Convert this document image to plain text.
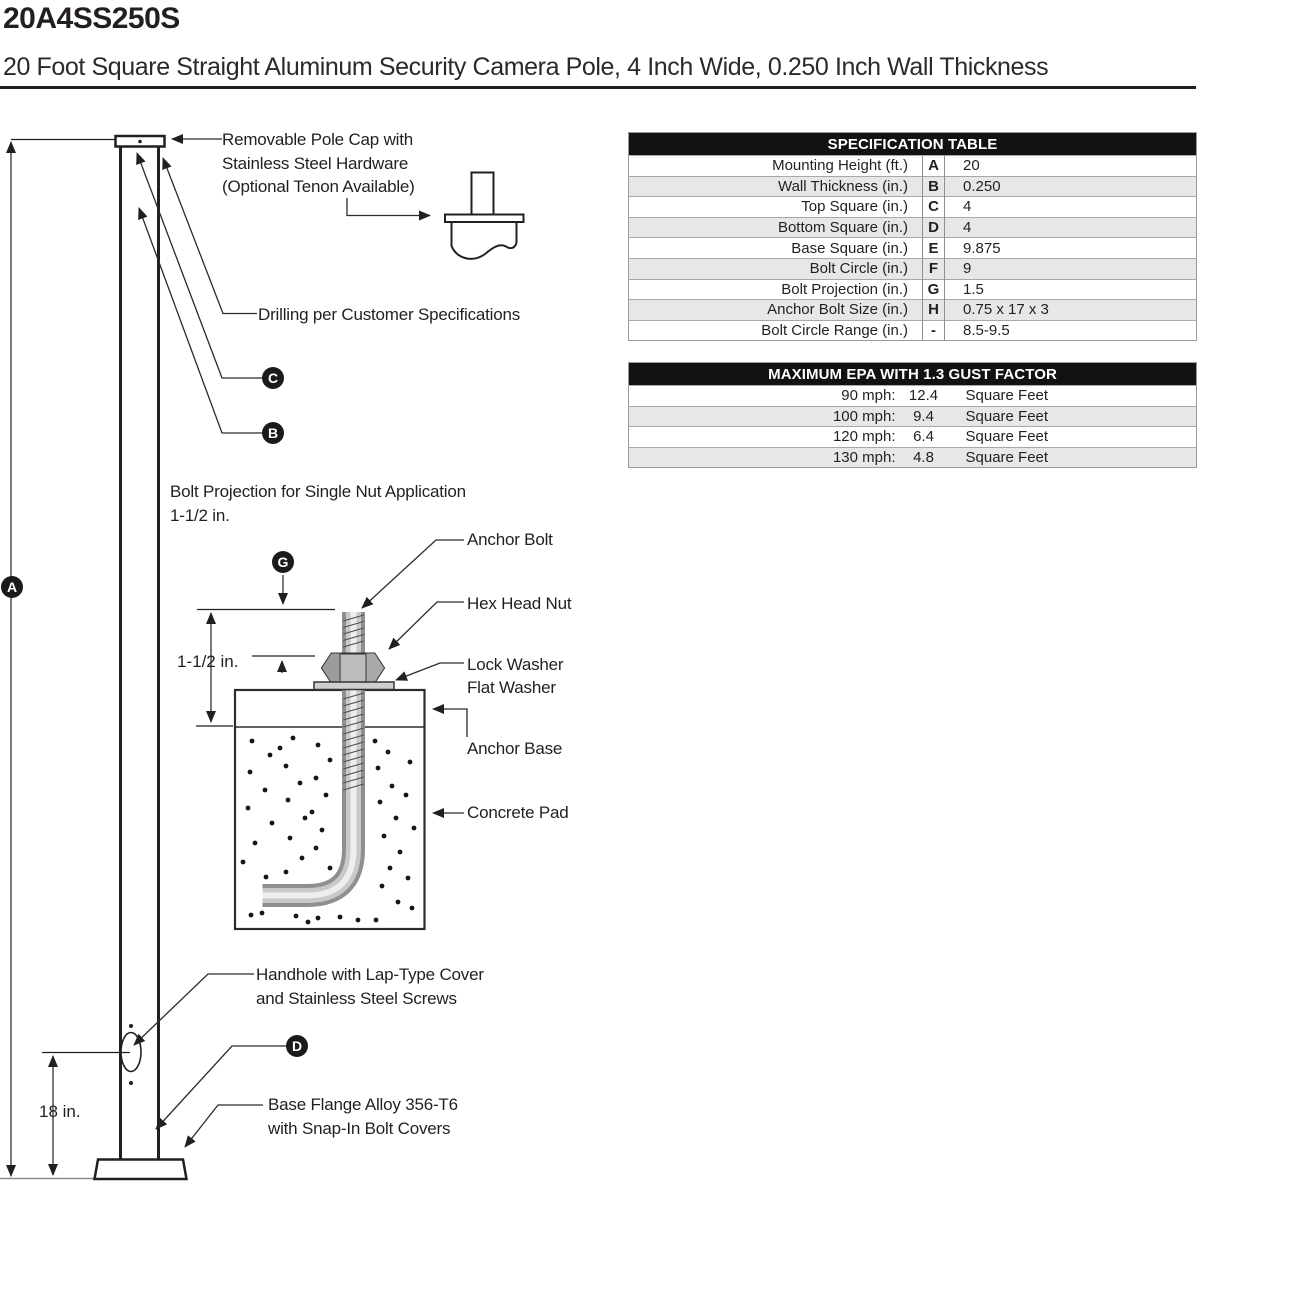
20A4SS250S
20 Foot Square Straight Aluminum Security Camera Pole, 4 Inch Wide, 0.250 Inch Wall Thickness
Removable Pole Cap with
Stainless Steel Hardware
(Optional Tenon Available)
Drilling per Customer Specifications
Bolt Projection for Single Nut Application
1-1/2 in.
Anchor Bolt
Hex Head Nut
Lock Washer
Flat Washer
Anchor Base
Concrete Pad
Handhole with Lap-Type Cover
and Stainless Steel Screws
Base Flange Alloy 356-T6
with Snap-In Bolt Covers
1-1/2 in.
18 in.
A
B
C
D
G
SPECIFICATION TABLE		
Mounting Height (ft.)	A	20
Wall Thickness (in.)	B	0.250
Top Square (in.)	C	4
Bottom Square (in.)	D	4
Base Square (in.)	E	9.875
Bolt Circle (in.)	F	9
Bolt Projection (in.)	G	1.5
Anchor Bolt Size (in.)	H	0.75 x 17 x 3
Bolt Circle Range (in.)	-	8.5-9.5
MAXIMUM EPA WITH 1.3 GUST FACTOR		
90 mph:	12.4	Square Feet
100 mph:	9.4	Square Feet
120 mph:	6.4	Square Feet
130 mph:	4.8	Square Feet
